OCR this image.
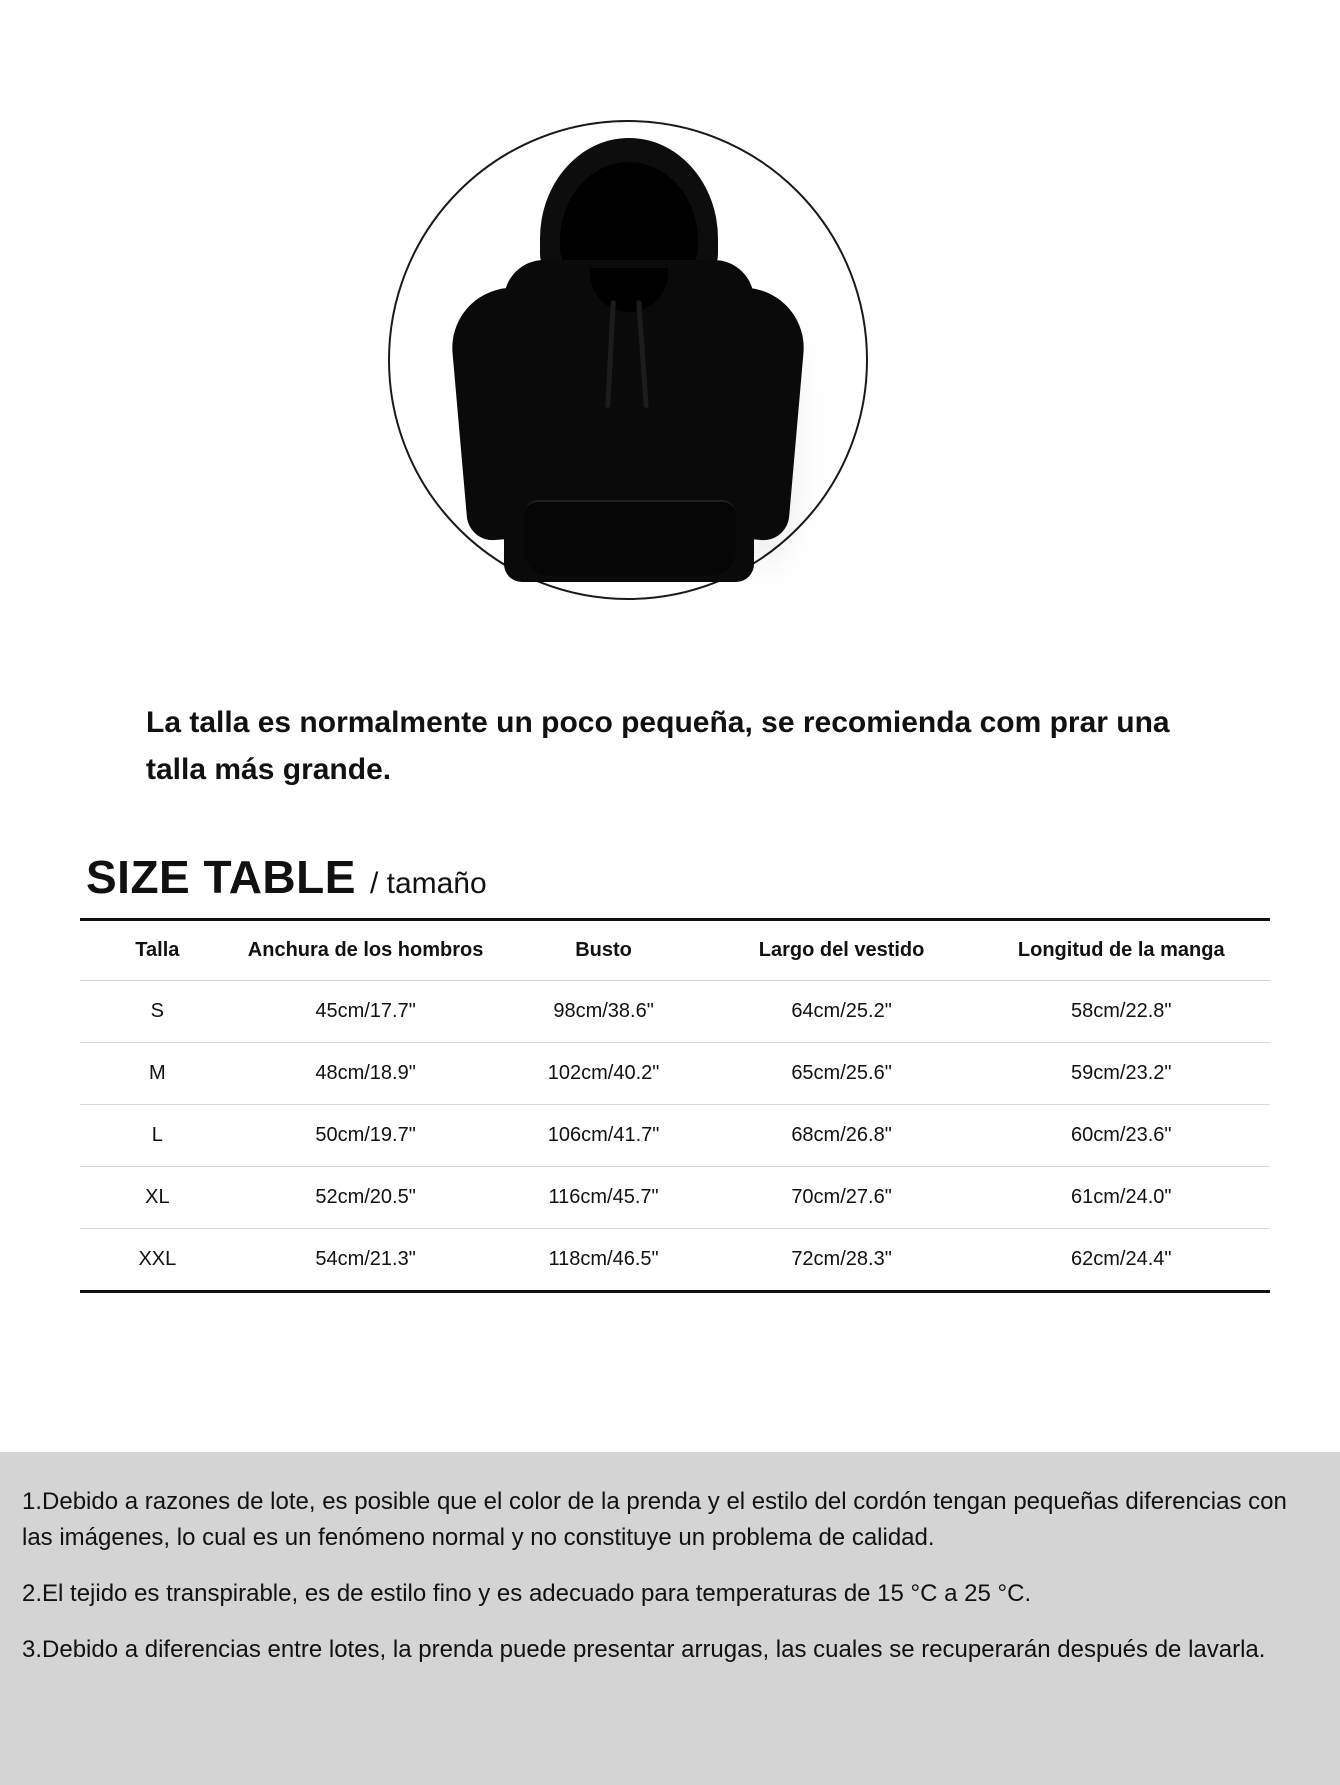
La talla es normalmente un poco pequeña, se recomienda com prar una talla más grande.
SIZE TABLE / tamaño
Talla	Anchura de los hombros	Busto	Largo del vestido	Longitud de la manga
S	45cm/17.7"	98cm/38.6"	64cm/25.2"	58cm/22.8"
M	48cm/18.9"	102cm/40.2"	65cm/25.6"	59cm/23.2"
L	50cm/19.7"	106cm/41.7"	68cm/26.8"	60cm/23.6"
XL	52cm/20.5"	116cm/45.7"	70cm/27.6"	61cm/24.0"
XXL	54cm/21.3"	118cm/46.5"	72cm/28.3"	62cm/24.4"
1.Debido a razones de lote, es posible que el color de la prenda y el estilo del cordón tengan pequeñas diferencias con las imágenes, lo cual es un fenómeno normal y no constituye un problema de calidad.
2.El tejido es transpirable, es de estilo fino y es adecuado para temperaturas de 15 °C a 25 °C.
3.Debido a diferencias entre lotes, la prenda puede presentar arrugas, las cuales se recuperarán después de lavarla.
